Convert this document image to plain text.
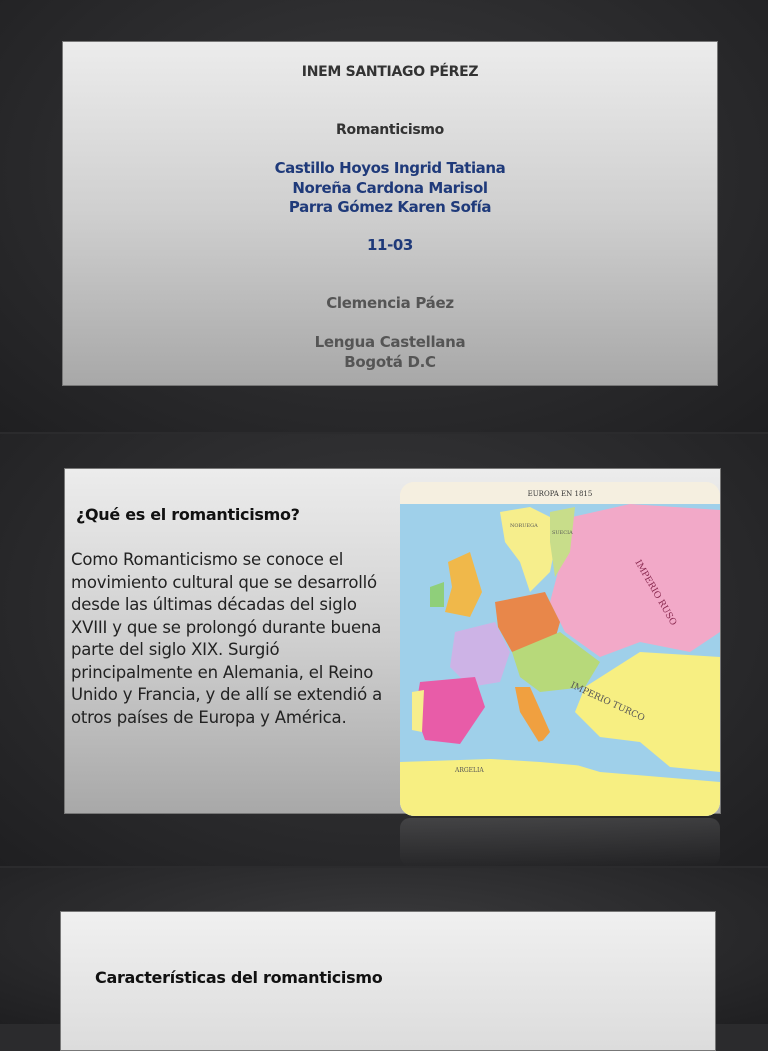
INEM SANTIAGO PÉREZ
Romanticismo
Castillo Hoyos Ingrid Tatiana
Noreña Cardona Marisol
Parra Gómez Karen Sofía
11-03
Clemencia Páez
Lengua Castellana
Bogotá D.C
¿Qué es el romanticismo?
Como Romanticismo se conoce el movimiento cultural que se desarrolló desde las últimas décadas del siglo XVIII y que se prolongó durante buena parte del siglo XIX. Surgió principalmente en Alemania, el Reino Unido y Francia, y de allí se extendió a otros países de Europa y América.
EUROPA EN 1815
IMPERIO RUSO
IMPERIO TURCO
ARGELIA
NORUEGA
SUECIA
Características del romanticismo
